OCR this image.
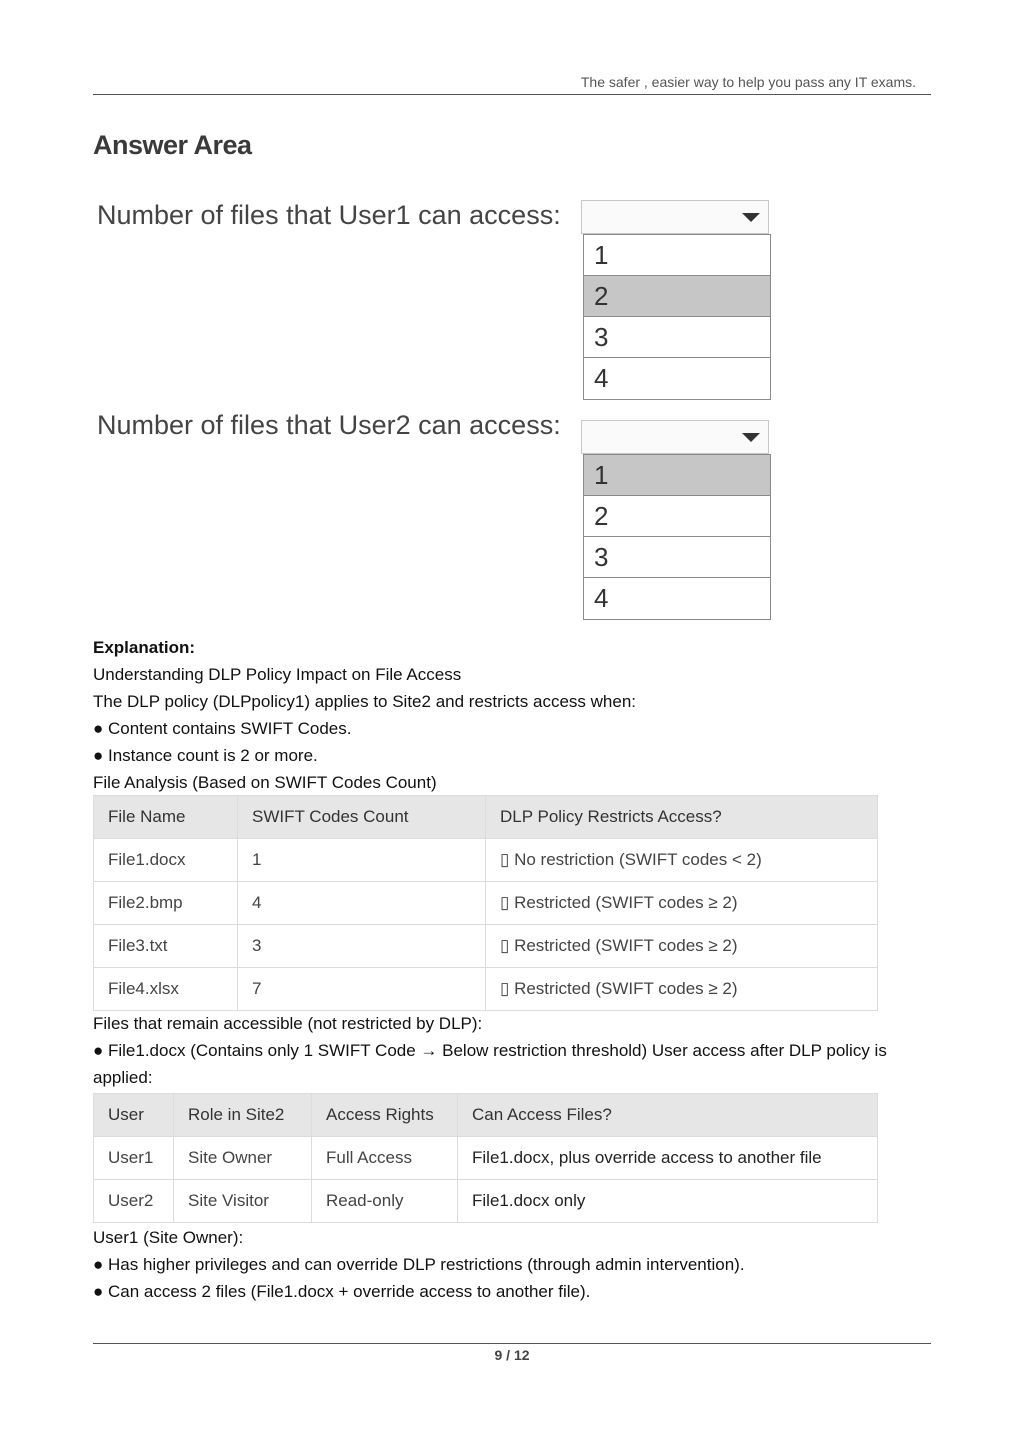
The safer , easier way to help you pass any IT exams.
Answer Area
Number of files that User1 can access:
1
2
3
4
Number of files that User2 can access:
1
2
3
4
Explanation:
Understanding DLP Policy Impact on File Access
The DLP policy (DLPpolicy1) applies to Site2 and restricts access when:
● Content contains SWIFT Codes.
● Instance count is 2 or more.
File Analysis (Based on SWIFT Codes Count)
File Name	SWIFT Codes Count	DLP Policy Restricts Access?
File1.docx	1	▯ No restriction (SWIFT codes < 2)
File2.bmp	4	▯ Restricted (SWIFT codes ≥ 2)
File3.txt	3	▯ Restricted (SWIFT codes ≥ 2)
File4.xlsx	7	▯ Restricted (SWIFT codes ≥ 2)
Files that remain accessible (not restricted by DLP):
● File1.docx (Contains only 1 SWIFT Code → Below restriction threshold) User access after DLP policy is
applied:
User	Role in Site2	Access Rights	Can Access Files?
User1	Site Owner	Full Access	File1.docx, plus override access to another file
User2	Site Visitor	Read-only	File1.docx only
User1 (Site Owner):
● Has higher privileges and can override DLP restrictions (through admin intervention).
● Can access 2 files (File1.docx + override access to another file).
9 / 12
